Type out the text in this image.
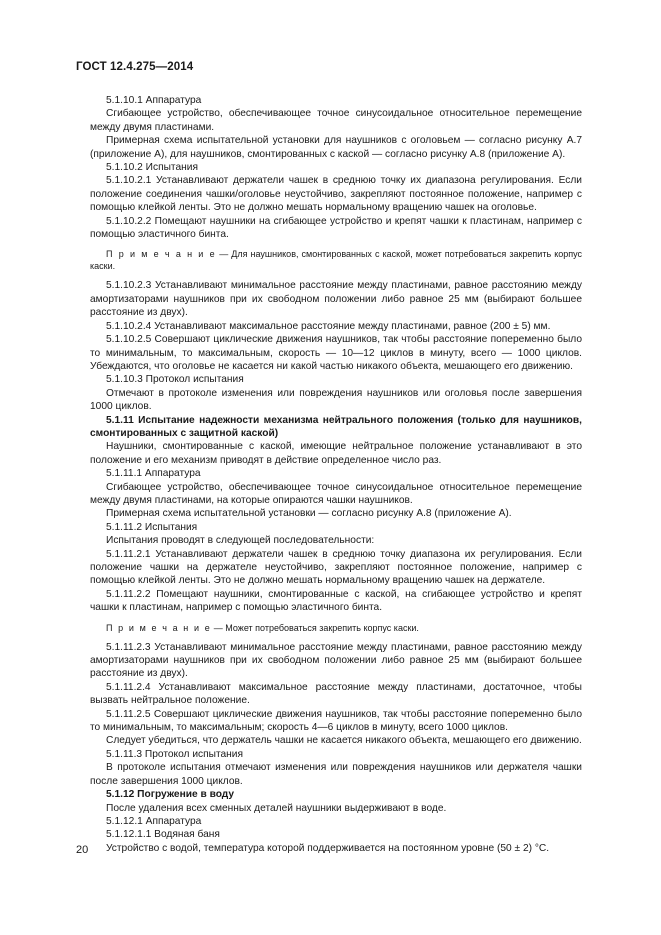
ГОСТ 12.4.275—2014

5.1.10.1 Аппаратура

Сгибающее устройство, обеспечивающее точное синусоидальное относительное перемещение между двумя пластинами.

Примерная схема испытательной установки для наушников с оголовьем — согласно рисунку А.7 (приложение А), для наушников, смонтированных с каской — согласно рисунку А.8 (приложение А).

5.1.10.2 Испытания

5.1.10.2.1 Устанавливают держатели чашек в среднюю точку их диапазона регулирования. Если положение соединения чашки/оголовье неустойчиво, закрепляют постоянное положение, например с помощью клейкой ленты. Это не должно мешать нормальному вращению чашек на оголовье.

5.1.10.2.2 Помещают наушники на сгибающее устройство и крепят чашки к пластинам, например с помощью эластичного бинта.

П р и м е ч а н и е — Для наушников, смонтированных с каской, может потребоваться закрепить корпус каски.

5.1.10.2.3 Устанавливают минимальное расстояние между пластинами, равное расстоянию между амортизаторами наушников при их свободном положении либо равное 25 мм (выбирают большее расстояние из двух).

5.1.10.2.4 Устанавливают максимальное расстояние между пластинами, равное (200 ± 5) мм.

5.1.10.2.5 Совершают циклические движения наушников, так чтобы расстояние попеременно было то минимальным, то максимальным, скорость — 10—12 циклов в минуту, всего — 1000 циклов. Убеждаются, что оголовье не касается ни какой частью никакого объекта, мешающего его движению.

5.1.10.3 Протокол испытания

Отмечают в протоколе изменения или повреждения наушников или оголовья после завершения 1000 циклов.

5.1.11 Испытание надежности механизма нейтрального положения (только для наушников, смонтированных с защитной каской)

Наушники, смонтированные с каской, имеющие нейтральное положение устанавливают в это положение и его механизм приводят в действие определенное число раз.

5.1.11.1 Аппаратура

Сгибающее устройство, обеспечивающее точное синусоидальное относительное перемещение между двумя пластинами, на которые опираются чашки наушников.

Примерная схема испытательной установки — согласно рисунку А.8 (приложение А).

5.1.11.2 Испытания

Испытания проводят в следующей последовательности:

5.1.11.2.1 Устанавливают держатели чашек в среднюю точку диапазона их регулирования. Если положение чашки на держателе неустойчиво, закрепляют постоянное положение, например с помощью клейкой ленты. Это не должно мешать нормальному вращению чашек на держателе.

5.1.11.2.2 Помещают наушники, смонтированные с каской, на сгибающее устройство и крепят чашки к пластинам, например с помощью эластичного бинта.

П р и м е ч а н и е — Может потребоваться закрепить корпус каски.

5.1.11.2.3 Устанавливают минимальное расстояние между пластинами, равное расстоянию между амортизаторами наушников при их свободном положении либо равное 25 мм (выбирают большее расстояние из двух).

5.1.11.2.4 Устанавливают максимальное расстояние между пластинами, достаточное, чтобы вызвать нейтральное положение.

5.1.11.2.5 Совершают циклические движения наушников, так чтобы расстояние попеременно было то минимальным, то максимальным; скорость 4—6 циклов в минуту, всего 1000 циклов.

Следует убедиться, что держатель чашки не касается никакого объекта, мешающего его движению.

5.1.11.3 Протокол испытания

В протоколе испытания отмечают изменения или повреждения наушников или держателя чашки после завершения 1000 циклов.

5.1.12 Погружение в воду

После удаления всех сменных деталей наушники выдерживают в воде.

5.1.12.1 Аппаратура

5.1.12.1.1 Водяная баня

Устройство с водой, температура которой поддерживается на постоянном уровне (50 ± 2) °С.

20
